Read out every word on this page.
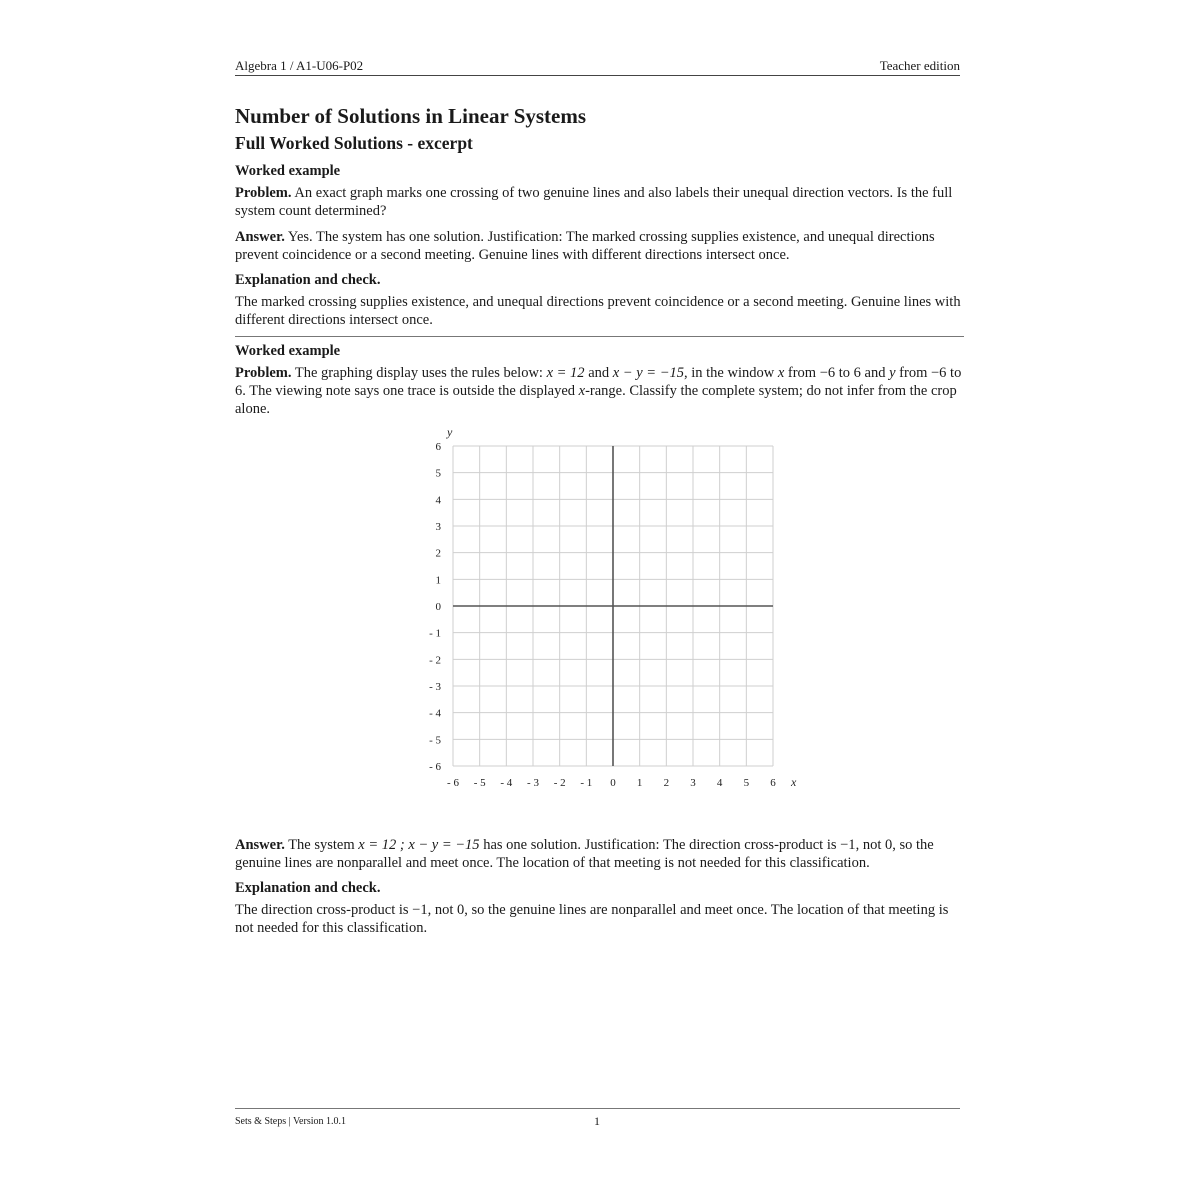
Algebra 1 / A1-U06-P02	Teacher edition
Number of Solutions in Linear Systems
Full Worked Solutions - excerpt
Worked example
Problem. An exact graph marks one crossing of two genuine lines and also labels their unequal direction vectors. Is the full system count determined?
Answer. Yes. The system has one solution. Justification: The marked crossing supplies existence, and unequal directions prevent coincidence or a second meeting. Genuine lines with different directions intersect once.
Explanation and check.
The marked crossing supplies existence, and unequal directions prevent coincidence or a second meeting. Genuine lines with different directions intersect once.
Worked example
Problem. The graphing display uses the rules below: x = 12 and x − y = −15, in the window x from −6 to 6 and y from −6 to 6. The viewing note says one trace is outside the displayed x-range. Classify the complete system; do not infer from the crop alone.
- 6 - 5 - 4 - 3 - 2 - 1 0 1 2 3 4 5 6
6
5
4
3
2
1
0
- 1
- 2
- 3
- 4
- 5
- 6
x
y
Answer. The system x = 12 ; x − y = −15 has one solution. Justification: The direction cross-product is −1, not 0, so the genuine lines are nonparallel and meet once. The location of that meeting is not needed for this classification.
Explanation and check.
The direction cross-product is −1, not 0, so the genuine lines are nonparallel and meet once. The location of that meeting is not needed for this classification.
Sets & Steps | Version 1.0.1	1
